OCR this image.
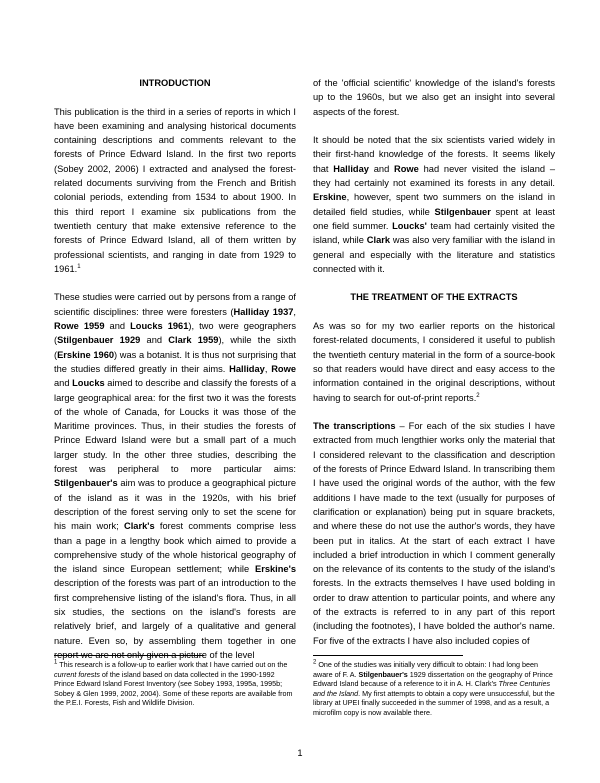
INTRODUCTION

This publication is the third in a series of reports in which I have been examining and analysing historical documents containing descriptions and comments relevant to the forests of Prince Edward Island. In the first two reports (Sobey 2002, 2006) I extracted and analysed the forest-related documents surviving from the French and British colonial periods, extending from 1534 to about 1900. In this third report I examine six publications from the twentieth century that make extensive reference to the forests of Prince Edward Island, all of them written by professional scientists, and ranging in date from 1929 to 1961.$^1$

These studies were carried out by persons from a range of scientific disciplines: three were foresters (Halliday 1937, Rowe 1959 and Loucks 1961), two were geographers (Stilgenbauer 1929 and Clark 1959), while the sixth (Erskine 1960) was a botanist. It is thus not surprising that the studies differed greatly in their aims. Halliday, Rowe and Loucks aimed to describe and classify the forests of a large geographical area: for the first two it was the forests of the whole of Canada, for Loucks it was those of the Maritime provinces. Thus, in their studies the forests of Prince Edward Island were but a small part of a much larger study. In the other three studies, describing the forest was peripheral to more particular aims: Stilgenbauer's aim was to produce a geographical picture of the island as it was in the 1920s, with his brief description of the forest serving only to set the scene for his main work; Clark's forest comments comprise less than a page in a lengthy book which aimed to provide a comprehensive study of the whole historical geography of the island since European settlement; while Erskine's description of the forests was part of an introduction to the first comprehensive listing of the island's flora. Thus, in all six studies, the sections on the island's forests are relatively brief, and largely of a qualitative and general nature. Even so, by assembling them together in one report we are not only given a picture of the level

of the 'official scientific' knowledge of the island's forests up to the 1960s, but we also get an insight into several aspects of the forest.

It should be noted that the six scientists varied widely in their first-hand knowledge of the forests. It seems likely that Halliday and Rowe had never visited the island – they had certainly not examined its forests in any detail. Erskine, however, spent two summers on the island in detailed field studies, while Stilgenbauer spent at least one field summer. Loucks' team had certainly visited the island, while Clark was also very familiar with the island in general and especially with the literature and statistics connected with it.

THE TREATMENT OF THE EXTRACTS

As was so for my two earlier reports on the historical forest-related documents, I considered it useful to publish the twentieth century material in the form of a source-book so that readers would have direct and easy access to the information contained in the original descriptions, without having to search for out-of-print reports.$^2$

The transcriptions – For each of the six studies I have extracted from much lengthier works only the material that I considered relevant to the classification and description of the forests of Prince Edward Island. In transcribing them I have used the original words of the author, with the few additions I have made to the text (usually for purposes of clarification or explanation) being put in square brackets, and where these do not use the author's words, they have been put in italics. At the start of each extract I have included a brief introduction in which I comment generally on the relevance of its contents to the study of the island's forests. In the extracts themselves I have used bolding in order to draw attention to particular points, and where any of the extracts is referred to in any part of this report (including the footnotes), I have bolded the author's name. For five of the extracts I have also included copies of

$^1$ This research is a follow-up to earlier work that I have carried out on the current forests of the island based on data collected in the 1990-1992 Prince Edward Island Forest Inventory (see Sobey 1993, 1995a, 1995b; Sobey & Glen 1999, 2002, 2004). Some of these reports are available from the P.E.I. Forests, Fish and Wildlife Division.
$^2$ One of the studies was initially very difficult to obtain: I had long been aware of F. A. Stilgenbauer's 1929 dissertation on the geography of Prince Edward Island because of a reference to it in A. H. Clark's Three Centuries and the Island. My first attempts to obtain a copy were unsuccessful, but the library at UPEI finally succeeded in the summer of 1998, and as a result, a microfilm copy is now available there.
1
